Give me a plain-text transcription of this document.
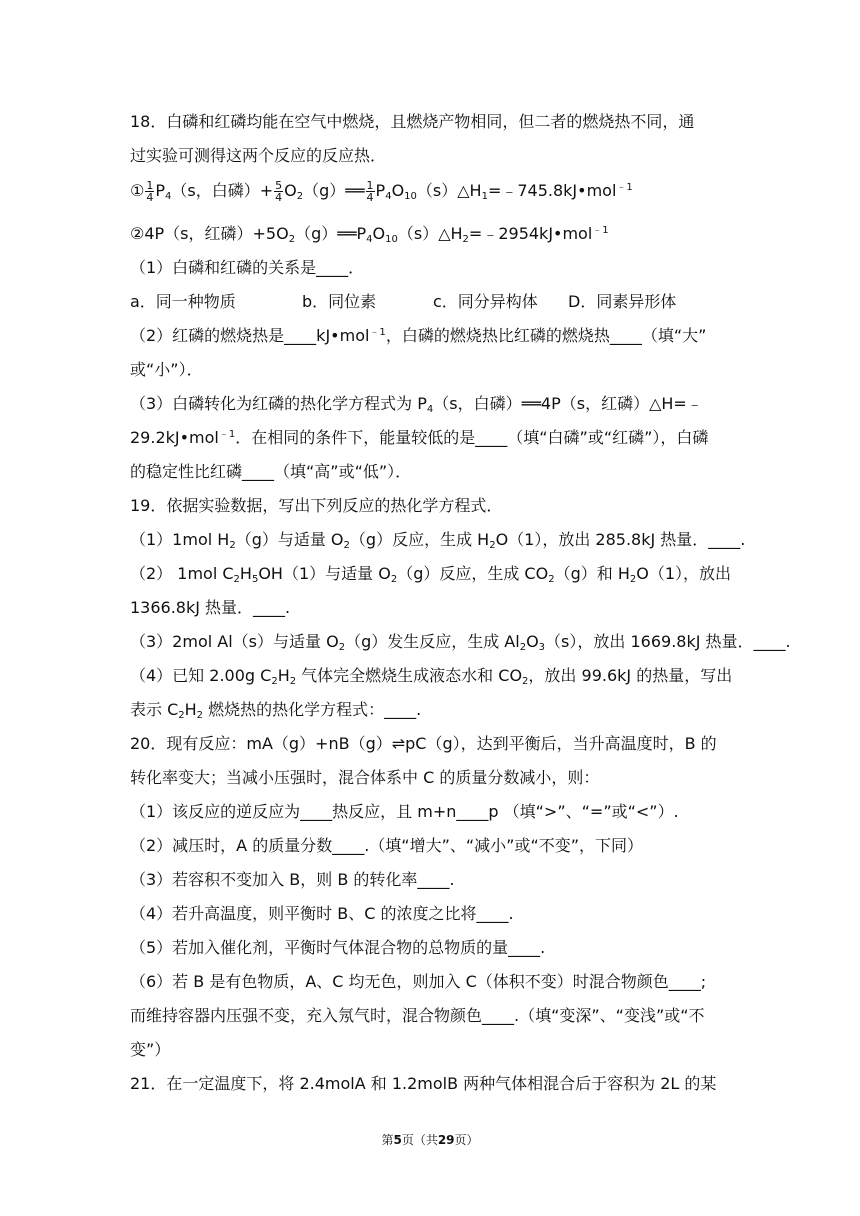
18．白磷和红磷均能在空气中燃烧，且燃烧产物相同，但二者的燃烧热不同，通
过实验可测得这两个反应的反应热．
① $\frac{1}{4} P_4(s$，白磷）+ $\frac{5}{4}$ $O_2(g)══ \frac{1}{4}$ $P_4O_{10}(s)\triangle H_1=﹣745.8kJ•mol^{﹣1}$
②4P（s，红磷）$+5O_2(g)══P_4O_{10}(s)\triangle H_2=﹣2954kJ•mol^{﹣1}$
（1）白磷和红磷的关系是____．
a．同一种物质	b．同位素	c．同分异构体 D．同素异形体
（2）红磷的燃烧热是____kJ•mol$^{﹣1}$，白磷的燃烧热比红磷的燃烧热____（填“大”
或“小”）．
（3）白磷转化为红磷的热化学方程式为 $P_4(s$，白磷）══4P（s，红磷）△H=﹣
29.2kJ•mol$^{﹣1}$．在相同的条件下，能量较低的是____（填“白磷”或“红磷”），白磷
的稳定性比红磷____（填“高”或“低”）．
19．依据实验数据，写出下列反应的热化学方程式．
（1）1mol $H_2(g)$与适量 $O_2(g)$反应，生成 $H_2O(1)$，放出 285.8kJ 热量．____.
（2） 1mol $C_2H_5OH(1)$与适量 $O_2(g)$反应，生成 $CO_2(g)$和 $H_2O(1)$，放出
1366.8kJ 热量．____.
（3）2mol Al（s）与适量 $O_2(g)$发生反应，生成 $Al_2O_3(s)$，放出 1669.8kJ 热量．____.
（4）已知 2.00g $C_2H_2$ 气体完全燃烧生成液态水和 $CO_2$，放出 99.6kJ 的热量，写出
表示 $C_2H_2$ 燃烧热的热化学方程式：____.
20．现有反应：mA（g）+nB（g）⇌pC（g），达到平衡后，当升高温度时，B 的
转化率变大；当减小压强时，混合体系中 C 的质量分数减小，则：
（1）该反应的逆反应为____热反应，且 m+n____p （填“>”、“=”或“<”）.
（2）减压时，A 的质量分数____.（填“增大”、“减小”或“不变”，下同）
（3）若容积不变加入 B，则 B 的转化率____.
（4）若升高温度，则平衡时 B、C 的浓度之比将____.
（5）若加入催化剂，平衡时气体混合物的总物质的量____.
（6）若 B 是有色物质，A、C 均无色，则加入 C（体积不变）时混合物颜色____;
而维持容器内压强不变，充入氖气时，混合物颜色____.（填“变深”、“变浅”或“不
变”）
21．在一定温度下，将 2.4molA 和 1.2molB 两种气体相混合后于容积为 2L 的某
第5页（共29页）
